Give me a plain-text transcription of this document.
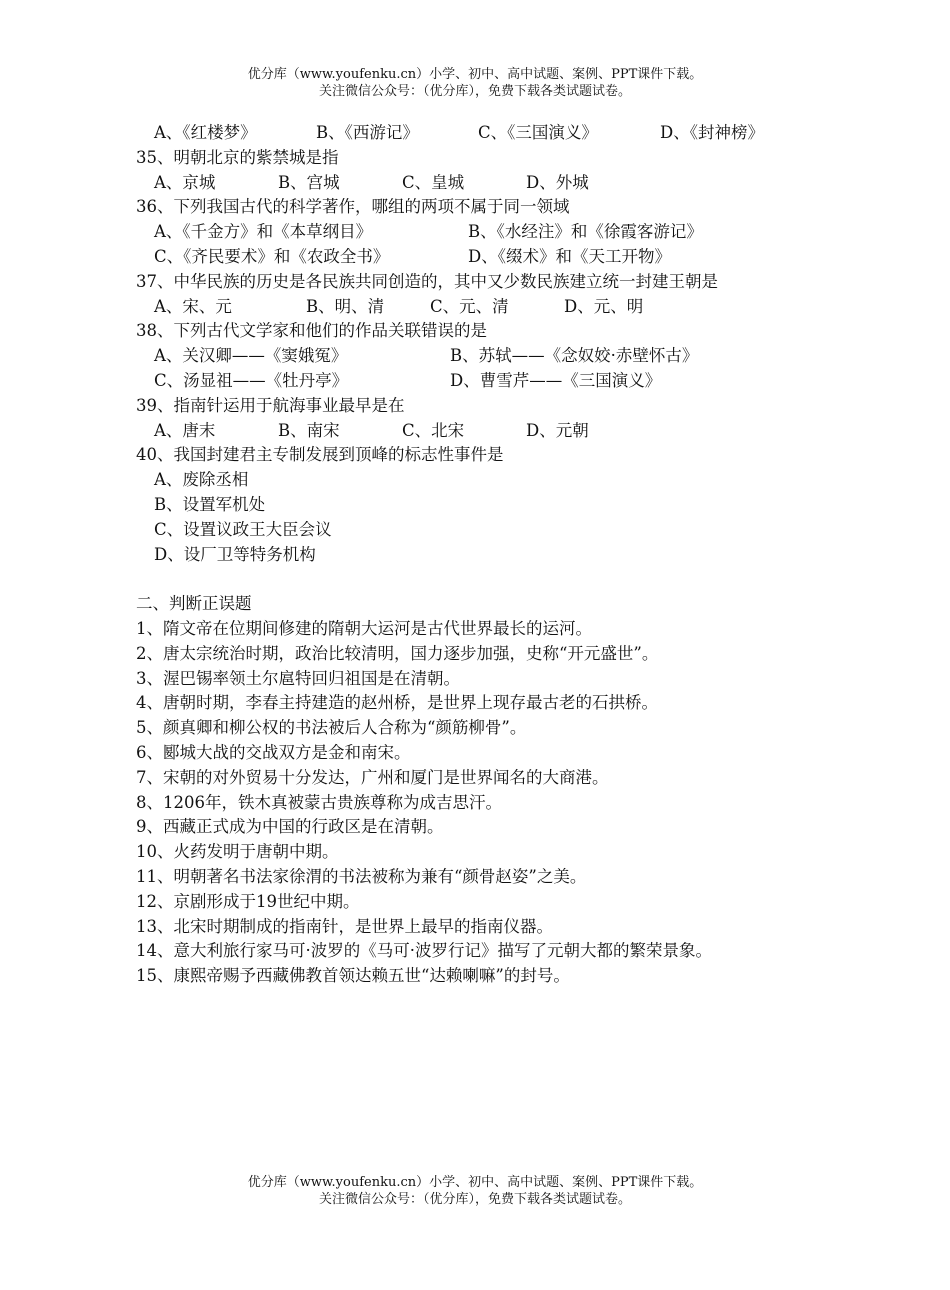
优分库（www.youfenku.cn）小学、初中、高中试题、案例、PPT课件下载。
关注微信公众号：（优分库），免费下载各类试题试卷。
A、《红楼梦》	B、《西游记》	C、《三国演义》	D、《封神榜》
35、明朝北京的紫禁城是指
A、京城	B、宫城	C、皇城	D、外城
36、下列我国古代的科学著作，哪组的两项不属于同一领域
A、《千金方》和《本草纲目》	B、《水经注》和《徐霞客游记》
C、《齐民要术》和《农政全书》	D、《缀术》和《天工开物》
37、中华民族的历史是各民族共同创造的，其中又少数民族建立统一封建王朝是
A、宋、元	B、明、清	C、元、清	D、元、明
38、下列古代文学家和他们的作品关联错误的是
A、关汉卿——《窦娥冤》	B、苏轼——《念奴姣·赤壁怀古》
C、汤显祖——《牡丹亭》	D、曹雪芹——《三国演义》
39、指南针运用于航海事业最早是在
A、唐末	B、南宋	C、北宋	D、元朝
40、我国封建君主专制发展到顶峰的标志性事件是
A、废除丞相
B、设置军机处
C、设置议政王大臣会议
D、设厂卫等特务机构
二、判断正误题
1、隋文帝在位期间修建的隋朝大运河是古代世界最长的运河。
2、唐太宗统治时期，政治比较清明，国力逐步加强，史称“开元盛世”。
3、渥巴锡率领土尔扈特回归祖国是在清朝。
4、唐朝时期，李春主持建造的赵州桥，是世界上现存最古老的石拱桥。
5、颜真卿和柳公权的书法被后人合称为“颜筋柳骨”。
6、郾城大战的交战双方是金和南宋。
7、宋朝的对外贸易十分发达，广州和厦门是世界闻名的大商港。
8、1206年，铁木真被蒙古贵族尊称为成吉思汗。
9、西藏正式成为中国的行政区是在清朝。
10、火药发明于唐朝中期。
11、明朝著名书法家徐渭的书法被称为兼有“颜骨赵姿”之美。
12、京剧形成于19世纪中期。
13、北宋时期制成的指南针，是世界上最早的指南仪器。
14、意大利旅行家马可·波罗的《马可·波罗行记》描写了元朝大都的繁荣景象。
15、康熙帝赐予西藏佛教首领达赖五世“达赖喇嘛”的封号。
优分库（www.youfenku.cn）小学、初中、高中试题、案例、PPT课件下载。
关注微信公众号：（优分库），免费下载各类试题试卷。
